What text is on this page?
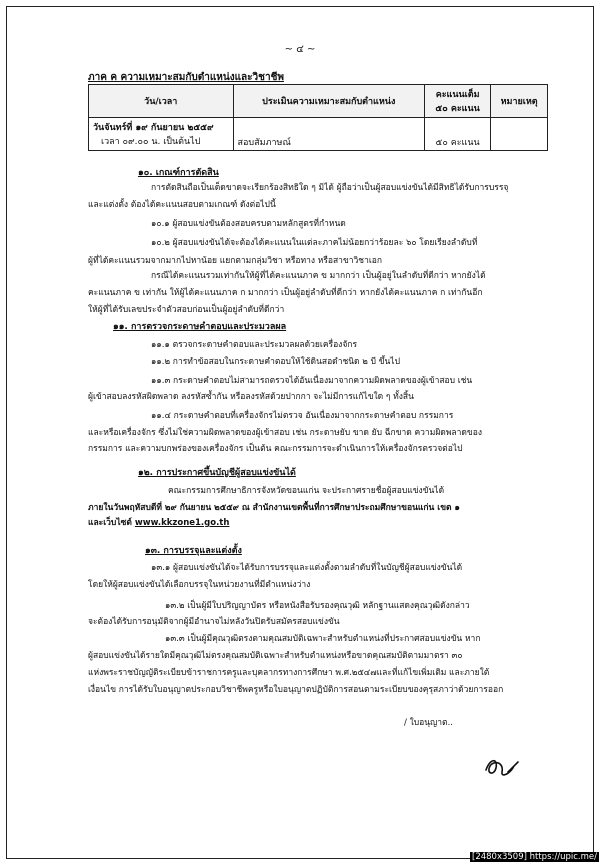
~ ๔ ~
ภาค ค ความเหมาะสมกับตำแหน่งและวิชาชีพ
วัน/เวลา	ประเมินความเหมาะสมกับตำแหน่ง	คะแนนเต็ม ๕๐ คะแนน	หมายเหตุ

วันจันทร์ที่ ๑๙ กันยายน ๒๕๕๙
เวลา ๐๙.๐๐ น. เป็นต้นไป	สอบสัมภาษณ์	๕๐ คะแนน	
๑๐. เกณฑ์การตัดสิน
การตัดสินถือเป็นเด็ดขาดจะเรียกร้องสิทธิใด ๆ มิได้ ผู้ถือว่าเป็นผู้สอบแข่งขันได้มีสิทธิได้รับการบรรจุ
และแต่งตั้ง ต้องได้คะแนนสอบตามเกณฑ์ ดังต่อไปนี้
๑๐.๑ ผู้สอบแข่งขันต้องสอบครบตามหลักสูตรที่กำหนด
๑๐.๒ ผู้สอบแข่งขันได้จะต้องได้คะแนนในแต่ละภาคไม่น้อยกว่าร้อยละ ๖๐ โดยเรียงลำดับที่
ผู้ที่ได้คะแนนรวมจากมากไปหาน้อย แยกตามกลุ่มวิชา หรือทาง หรือสาขาวิชาเอก
กรณีได้คะแนนรวมเท่ากันให้ผู้ที่ได้คะแนนภาค ข มากกว่า เป็นผู้อยู่ในลำดับที่ดีกว่า หากยังได้
คะแนนภาค ข เท่ากัน ให้ผู้ได้คะแนนภาค ก มากกว่า เป็นผู้อยู่ลำดับที่ดีกว่า หากยังได้คะแนนภาค ก เท่ากันอีก
ให้ผู้ที่ได้รับเลขประจำตัวสอบก่อนเป็นผู้อยู่ลำดับที่ดีกว่า
๑๑. การตรวจกระดาษคำตอบและประมวลผล
๑๑.๑ ตรวจกระดาษคำตอบและประมวลผลด้วยเครื่องจักร
๑๑.๒ การทำข้อสอบในกระดาษคำตอบให้ใช้ดินสอดำชนิด ๒ บี ขึ้นไป
๑๑.๓ กระดาษคำตอบไม่สามารถตรวจได้อันเนื่องมาจากความผิดพลาดของผู้เข้าสอบ เช่น
ผู้เข้าสอบลงรหัสผิดพลาด ลงรหัสซ้ำกัน หรือลงรหัสด้วยปากกา จะไม่มีการแก้ไขใด ๆ ทั้งสิ้น
๑๑.๔ กระดาษคำตอบที่เครื่องจักรไม่ตรวจ อันเนื่องมาจากกระดาษคำตอบ กรรมการ
และหรือเครื่องจักร ซึ่งไม่ใช่ความผิดพลาดของผู้เข้าสอบ เช่น กระดาษยับ ขาด ยับ ฉีกขาด ความผิดพลาดของ
กรรมการ และความบกพร่องของเครื่องจักร เป็นต้น คณะกรรมการจะดำเนินการให้เครื่องจักรตรวจต่อไป
๑๒. การประกาศขึ้นบัญชีผู้สอบแข่งขันได้
คณะกรรมการศึกษาธิการจังหวัดขอนแก่น จะประกาศรายชื่อผู้สอบแข่งขันได้
ภายในวันพฤหัสบดีที่ ๒๙ กันยายน ๒๕๕๙ ณ สำนักงานเขตพื้นที่การศึกษาประถมศึกษาขอนแก่น เขต ๑
และเว็บไซต์ www.kkzone1.go.th
๑๓. การบรรจุและแต่งตั้ง
๑๓.๑ ผู้สอบแข่งขันได้จะได้รับการบรรจุและแต่งตั้งตามลำดับที่ในบัญชีผู้สอบแข่งขันได้
โดยให้ผู้สอบแข่งขันได้เลือกบรรจุในหน่วยงานที่มีตำแหน่งว่าง
๑๓.๒ เป็นผู้มีใบปริญญาบัตร หรือหนังสือรับรองคุณวุฒิ หลักฐานแสดงคุณวุฒิดังกล่าว
จะต้องได้รับการอนุมัติจากผู้มีอำนาจไม่หลังวันปิดรับสมัครสอบแข่งขัน
๑๓.๓ เป็นผู้มีคุณวุฒิตรงตามคุณสมบัติเฉพาะสำหรับตำแหน่งที่ประกาศสอบแข่งขัน หาก
ผู้สอบแข่งขันได้รายใดมีคุณวุฒิไม่ตรงคุณสมบัติเฉพาะสำหรับตำแหน่งหรือขาดคุณสมบัติตามมาตรา ๓๐
แห่งพระราชบัญญัติระเบียบข้าราชการครูและบุคลากรทางการศึกษา พ.ศ.๒๕๔๗และที่แก้ไขเพิ่มเติม และภายใต้
เงื่อนไข การได้รับใบอนุญาตประกอบวิชาชีพครูหรือใบอนุญาตปฏิบัติการสอนตามระเบียบของคุรุสภาว่าด้วยการออก
/ ใบอนุญาต..
[2480x3509] https://upic.me/
